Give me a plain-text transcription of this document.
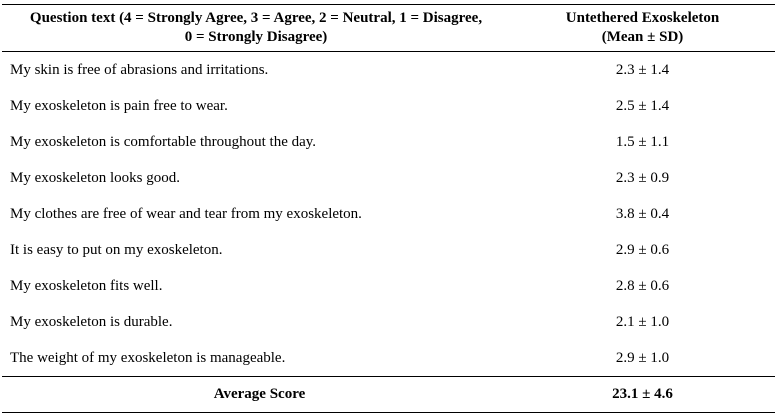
Question text (4 = Strongly Agree, 3 = Agree, 2 = Neutral, 1 = Disagree, 0 = Strongly Disagree)	Untethered Exoskeleton (Mean ± SD)
My skin is free of abrasions and irritations.	2.3 ± 1.4
My exoskeleton is pain free to wear.	2.5 ± 1.4
My exoskeleton is comfortable throughout the day.	1.5 ± 1.1
My exoskeleton looks good.	2.3 ± 0.9
My clothes are free of wear and tear from my exoskeleton.	3.8 ± 0.4
It is easy to put on my exoskeleton.	2.9 ± 0.6
My exoskeleton fits well.	2.8 ± 0.6
My exoskeleton is durable.	2.1 ± 1.0
The weight of my exoskeleton is manageable.	2.9 ± 1.0
Average Score	23.1 ± 4.6
